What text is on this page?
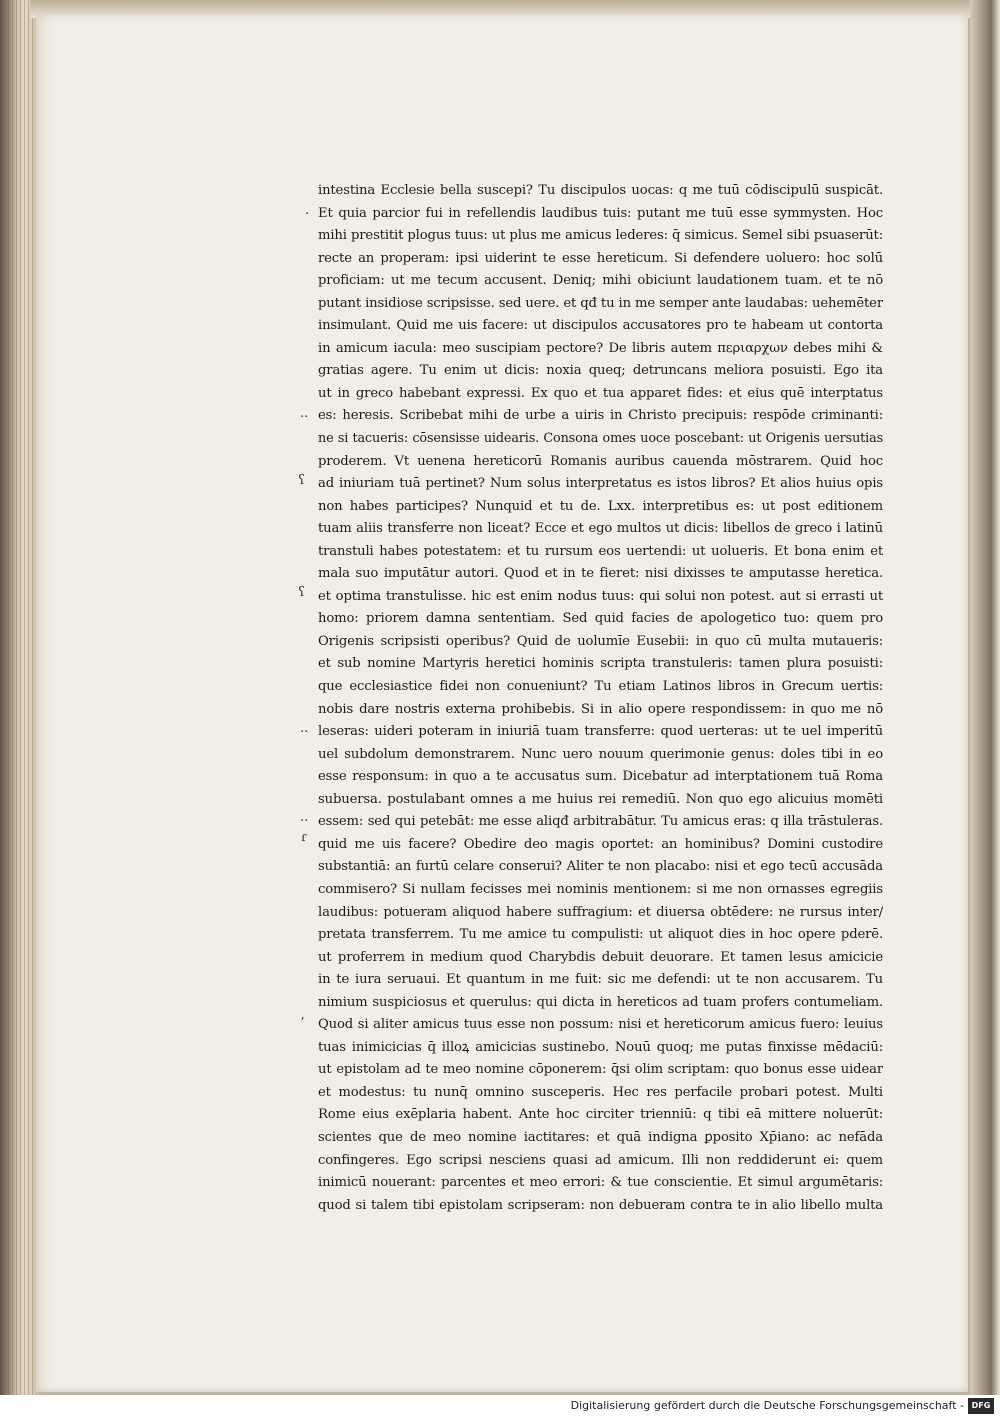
.
..
ʕ
ʕ
..
..
ɾ
ʼ
intestina Ecclesie bella suscepi? Tu discipulos uocas: q me tuū cōdiscipulū suspicāt.
Et quia parcior fui in refellendis laudibus tuis: putant me tuū esse symmysten. Hoc
mihi prestitit plogus tuus: ut plus me amicus lederes: q̄ simicus. Semel sibi psuaserūt:
recte an properam: ipsi uiderint te esse hereticum. Si defendere uoluero: hoc solū
proficiam: ut me tecum accusent. Deniq; mihi obiciunt laudationem tuam. et te nō
putant insidiose scripsisse. sed uere. et qđ tu in me semper ante laudabas: uehemēter
insimulant. Quid me uis facere: ut discipulos accusatores pro te habeam ut contorta
in amicum iacula: meo suscipiam pectore? De libris autem περιαρχων debes mihi &
gratias agere. Tu enim ut dicis: noxia queq; detruncans meliora posuisti. Ego ita
ut in greco habebant expressi. Ex quo et tua apparet fides: et eius quē interptatus
es: heresis. Scribebat mihi de urbe a uiris in Christo precipuis: respōde criminanti:
ne si tacueris: cōsensisse uidearis. Consona omes uoce poscebant: ut Origenis uersutias
proderem. Vt uenena hereticorū Romanis auribus cauenda mōstrarem. Quid hoc
ad iniuriam tuā pertinet? Num solus interpretatus es istos libros? Et alios huius opis
non habes participes? Nunquid et tu de. Lxx. interpretibus es: ut post editionem
tuam aliis transferre non liceat? Ecce et ego multos ut dicis: libellos de greco i latinū
transtuli habes potestatem: et tu rursum eos uertendi: ut uolueris. Et bona enim et
mala suo imputātur autori. Quod et in te fieret: nisi dixisses te amputasse heretica.
et optima transtulisse. hic est enim nodus tuus: qui solui non potest. aut si errasti ut
homo: priorem damna sententiam. Sed quid facies de apologetico tuo: quem pro
Origenis scripsisti operibus? Quid de uolumīe Eusebii: in quo cū multa mutaueris:
et sub nomine Martyris heretici hominis scripta transtuleris: tamen plura posuisti:
que ecclesiastice fidei non conueniunt? Tu etiam Latinos libros in Grecum uertis:
nobis dare nostris externa prohibebis. Si in alio opere respondissem: in quo me nō
leseras: uideri poteram in iniuriā tuam transferre: quod uerteras: ut te uel imperitū
uel subdolum demonstrarem. Nunc uero nouum querimonie genus: doles tibi in eo
esse responsum: in quo a te accusatus sum. Dicebatur ad interptationem tuā Roma
subuersa. postulabant omnes a me huius rei remediū. Non quo ego alicuius momēti
essem: sed qui petebāt: me esse aliqđ arbitrabātur. Tu amicus eras: q illa trāstuleras.
quid me uis facere? Obedire deo magis oportet: an hominibus? Domini custodire
substantiā: an furtū celare conserui? Aliter te non placabo: nisi et ego tecū accusāda
commisero? Si nullam fecisses mei nominis mentionem: si me non ornasses egregiis
laudibus: potueram aliquod habere suffragium: et diuersa obtēdere: ne rursus inter/
pretata transferrem. Tu me amice tu compulisti: ut aliquot dies in hoc opere pderē.
ut proferrem in medium quod Charybdis debuit deuorare. Et tamen lesus amicicie
in te iura seruaui. Et quantum in me fuit: sic me defendi: ut te non accusarem. Tu
nimium suspiciosus et querulus: qui dicta in hereticos ad tuam profers contumeliam.
Quod si aliter amicus tuus esse non possum: nisi et hereticorum amicus fuero: leuius
tuas inimicicias q̄ illoꝝ amicicias sustinebo. Nouū quoq; me putas finxisse mēdaciū:
ut epistolam ad te meo nomine cōponerem: q̄si olim scriptam: quo bonus esse uidear
et modestus: tu nunq̄ omnino susceperis. Hec res perfacile probari potest. Multi
Rome eius exēplaria habent. Ante hoc circiter trienniū: q tibi eā mittere noluerūt:
scientes que de meo nomine iactitares: et quā indigna ꝑposito Xp̄iano: ac nefāda
confingeres. Ego scripsi nesciens quasi ad amicum. Illi non reddiderunt ei: quem
inimicū nouerant: parcentes et meo errori: & tue conscientie. Et simul argumētaris:
quod si talem tibi epistolam scripseram: non debueram contra te in alio libello multa
Digitalisierung gefördert durch die Deutsche Forschungsgemeinschaft - DFG
